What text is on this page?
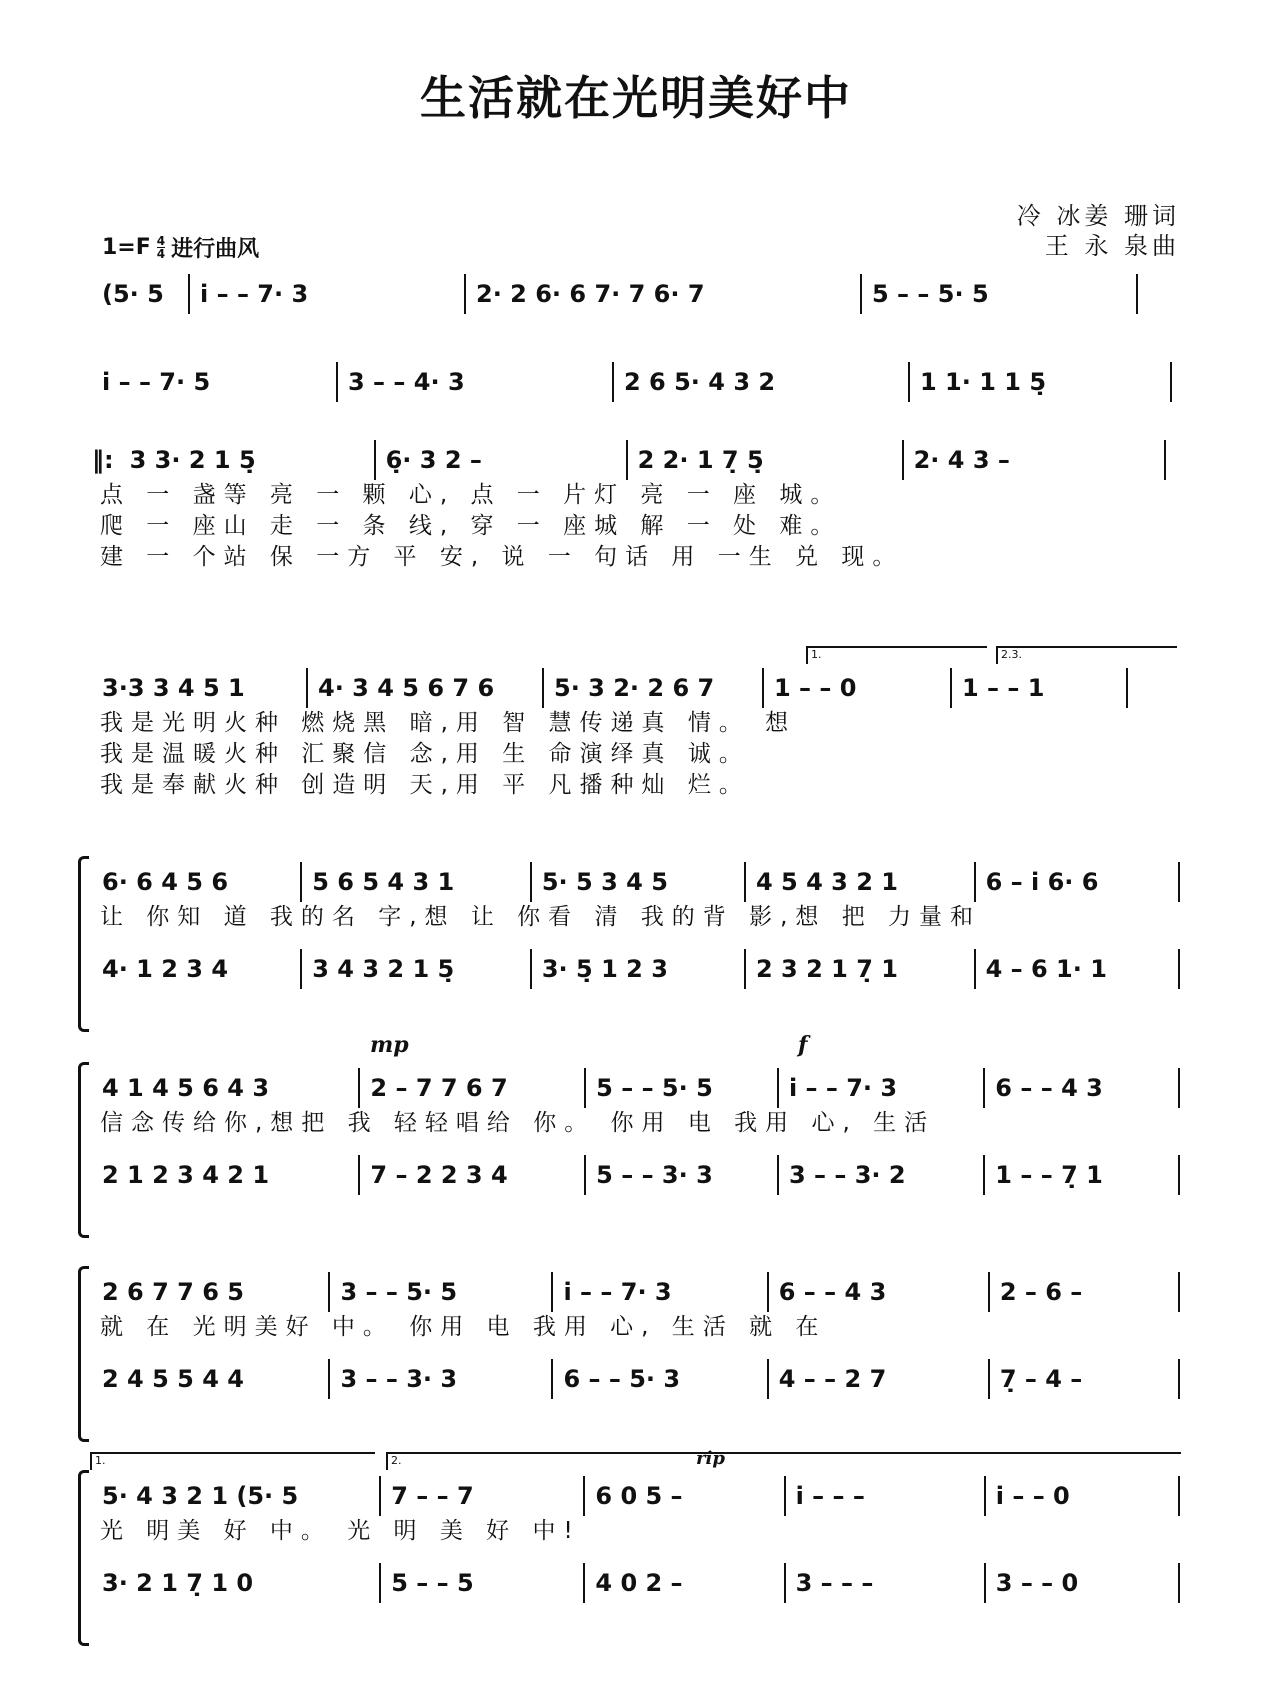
生活就在光明美好中
冷 冰姜 珊词
王 永 泉曲
$1=F \frac{4}{4}$ 进行曲风
(5· 5	i̇ – – 7· 3	2· 2 6· 6 7· 7 6· 7	5 – – 5· 5
i̇ – – 7· 5	3 – – 4· 3	2 6 5· 4 3 2	1 1· 1 1 5̣
‖: 3 3· 2 1 5̣	6̣· 3 2 –	2 2· 1 7̣ 5̣	2· 4 3 –
点 一 盏等 亮 一 颗 心, 点 一 片灯 亮 一 座 城。
爬 一 座山 走 一 条 线, 穿 一 座城 解 一 处 难。
建 一 个站 保 一方 平 安, 说 一 句话 用 一生 兑 现。
1.	2.3.
3·3 3 4 5 1	4· 3 4 5 6 7 6	5· 3 2· 2 6 7	1 – – 0	1 – – 1
我是光明火种 燃烧黑 暗,用 智 慧传递真 情。 想
我是温暖火种 汇聚信 念,用 生 命演绎真 诚。
我是奉献火种 创造明 天,用 平 凡播种灿 烂。
6· 6 4 5 6	5 6 5 4 3 1	5· 5 3 4 5	4 5 4 3 2 1	6 – i̇ 6· 6
让 你知 道 我的名 字,想 让 你看 清 我的背 影,想 把 力量和
4· 1 2 3 4	3 4 3 2 1 5̣	3· 5̣ 1 2 3	2 3 2 1 7̣ 1	4 – 6 1· 1
mp	f
4 1 4 5 6 4 3	2 – 7 7 6 7	5 – – 5· 5	i̇ – – 7· 3	6 – – 4 3
信念传给你,想把 我 轻轻唱给 你。 你用 电 我用 心, 生活
2 1 2 3 4 2 1	7 – 2 2 3 4	5 – – 3· 3	3 – – 3· 2	1 – – 7̣ 1
2 6 7 7 6 5	3 – – 5· 5	i̇ – – 7· 3	6 – – 4 3	2 – 6 –
就 在 光明美好 中。 你用 电 我用 心, 生活 就 在
2 4 5 5 4 4	3 – – 3· 3	6 – – 5· 3	4 – – 2 7	7̣ – 4 –
1.	2.	rip
5· 4 3 2 1 (5· 5	7 – – 7	6 0 5 –	i̇ – – –	i̇ – – 0
光 明美 好 中。 光 明 美 好 中!
3· 2 1 7̣ 1 0	5 – – 5	4 0 2 –	3 – – –	3 – – 0
